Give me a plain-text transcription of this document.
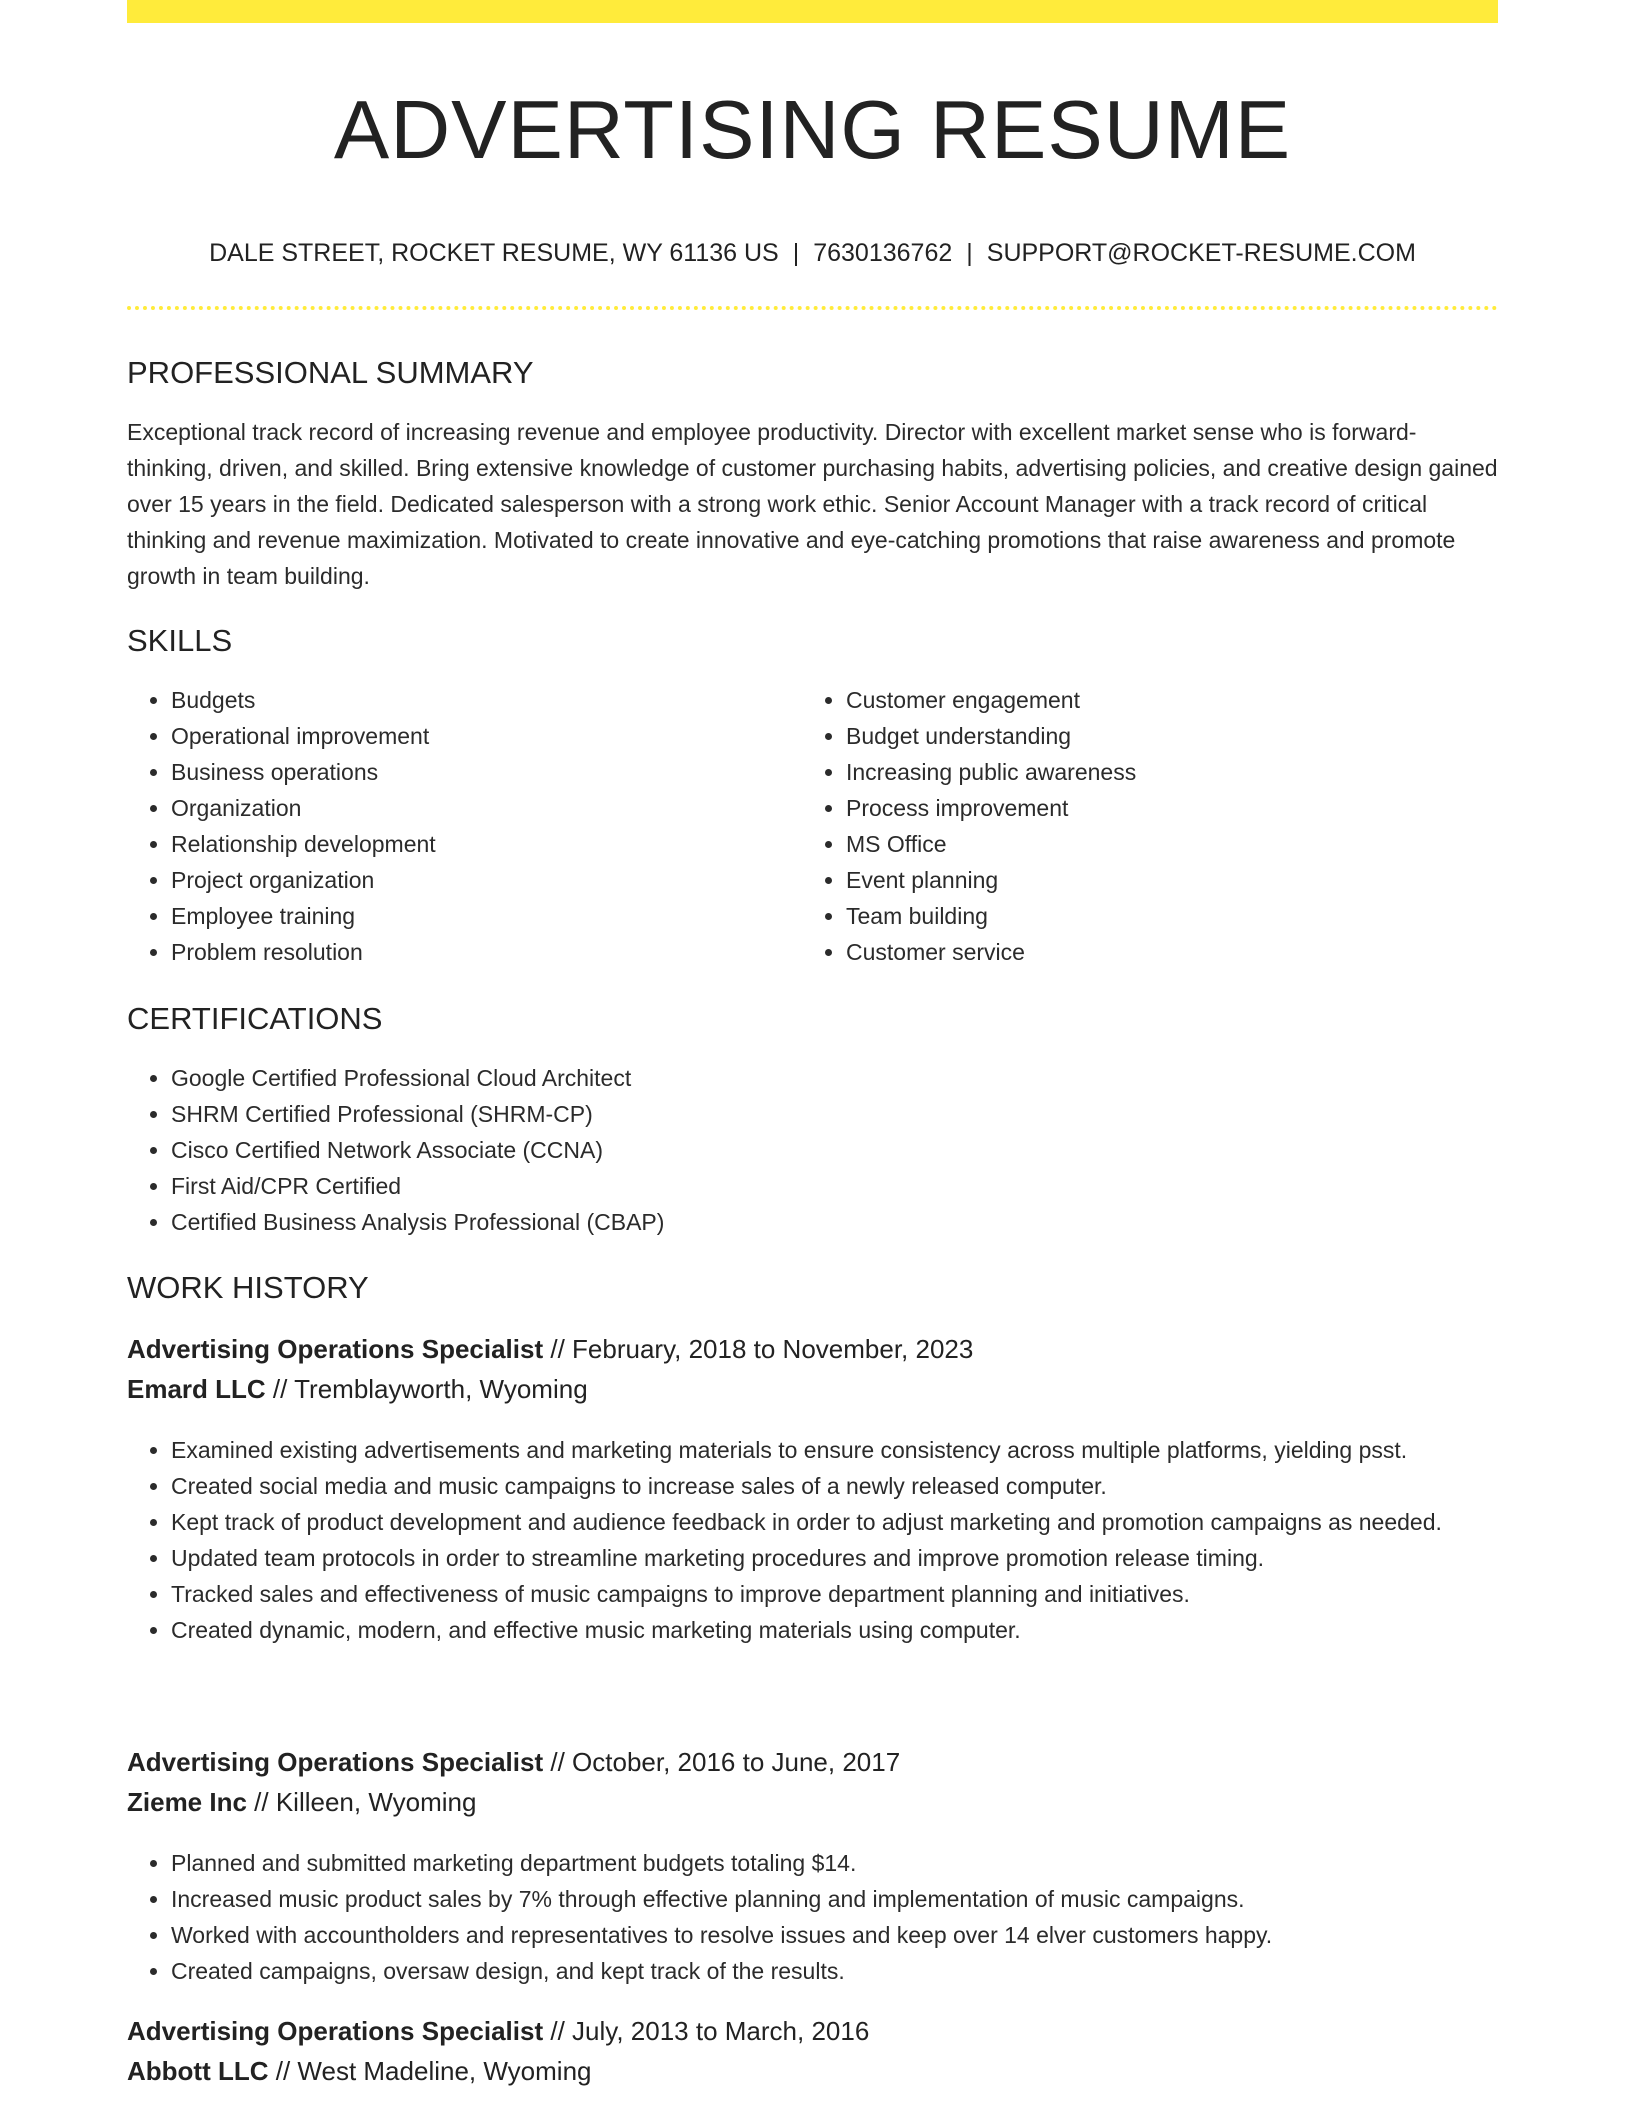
ADVERTISING RESUME
DALE STREET, ROCKET RESUME, WY 61136 US | 7630136762 | SUPPORT@ROCKET-RESUME.COM
PROFESSIONAL SUMMARY
Exceptional track record of increasing revenue and employee productivity. Director with excellent market sense who is forward-thinking, driven, and skilled. Bring extensive knowledge of customer purchasing habits, advertising policies, and creative design gained over 15 years in the field. Dedicated salesperson with a strong work ethic. Senior Account Manager with a track record of critical thinking and revenue maximization. Motivated to create innovative and eye-catching promotions that raise awareness and promote growth in team building.
SKILLS
• Budgets
• Operational improvement
• Business operations
• Organization
• Relationship development
• Project organization
• Employee training
• Problem resolution
• Customer engagement
• Budget understanding
• Increasing public awareness
• Process improvement
• MS Office
• Event planning
• Team building
• Customer service
CERTIFICATIONS
• Google Certified Professional Cloud Architect
• SHRM Certified Professional (SHRM-CP)
• Cisco Certified Network Associate (CCNA)
• First Aid/CPR Certified
• Certified Business Analysis Professional (CBAP)
WORK HISTORY
Advertising Operations Specialist // February, 2018 to November, 2023
Emard LLC // Tremblayworth, Wyoming
• Examined existing advertisements and marketing materials to ensure consistency across multiple platforms, yielding psst.
• Created social media and music campaigns to increase sales of a newly released computer.
• Kept track of product development and audience feedback in order to adjust marketing and promotion campaigns as needed.
• Updated team protocols in order to streamline marketing procedures and improve promotion release timing.
• Tracked sales and effectiveness of music campaigns to improve department planning and initiatives.
• Created dynamic, modern, and effective music marketing materials using computer.
Advertising Operations Specialist // October, 2016 to June, 2017
Zieme Inc // Killeen, Wyoming
• Planned and submitted marketing department budgets totaling $14.
• Increased music product sales by 7% through effective planning and implementation of music campaigns.
• Worked with accountholders and representatives to resolve issues and keep over 14 elver customers happy.
• Created campaigns, oversaw design, and kept track of the results.
Advertising Operations Specialist // July, 2013 to March, 2016
Abbott LLC // West Madeline, Wyoming
